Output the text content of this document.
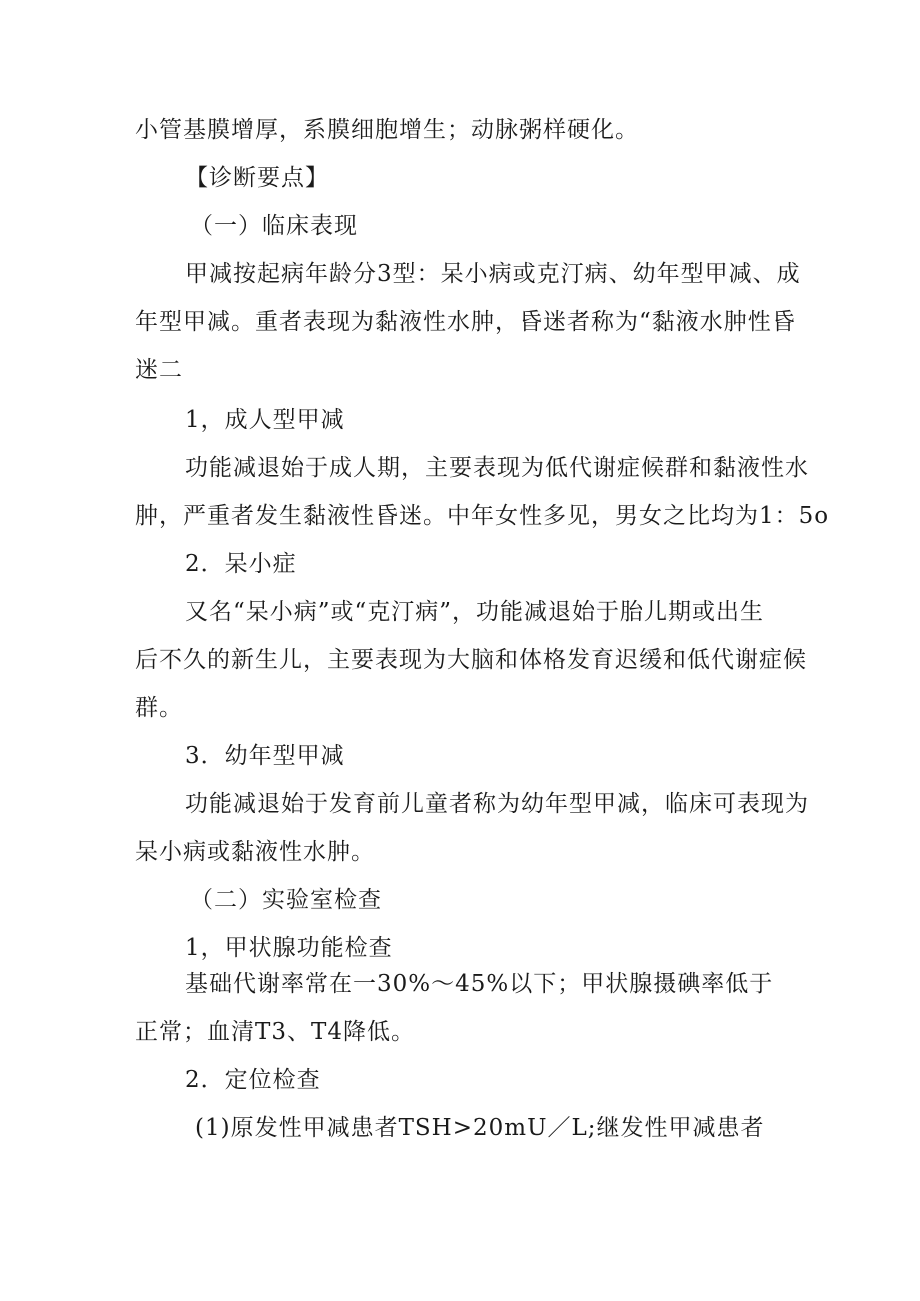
小管基膜增厚，系膜细胞增生；动脉粥样硬化。
【诊断要点】
（一）临床表现
甲减按起病年龄分3型：呆小病或克汀病、幼年型甲减、成
年型甲减。重者表现为黏液性水肿，昏迷者称为“黏液水肿性昏
迷二
1，成人型甲减
功能减退始于成人期，主要表现为低代谢症候群和黏液性水
肿，严重者发生黏液性昏迷。中年女性多见，男女之比均为1：5o
2．呆小症
又名“呆小病”或“克汀病”，功能减退始于胎儿期或出生
后不久的新生儿，主要表现为大脑和体格发育迟缓和低代谢症候
群。
3．幼年型甲减
功能减退始于发育前儿童者称为幼年型甲减，临床可表现为
呆小病或黏液性水肿。
（二）实验室检查
1，甲状腺功能检查
基础代谢率常在一30%～45%以下；甲状腺摄碘率低于
正常；血清T3、T4降低。
2．定位检查
(1)原发性甲减患者TSH>20mU／L;继发性甲减患者
